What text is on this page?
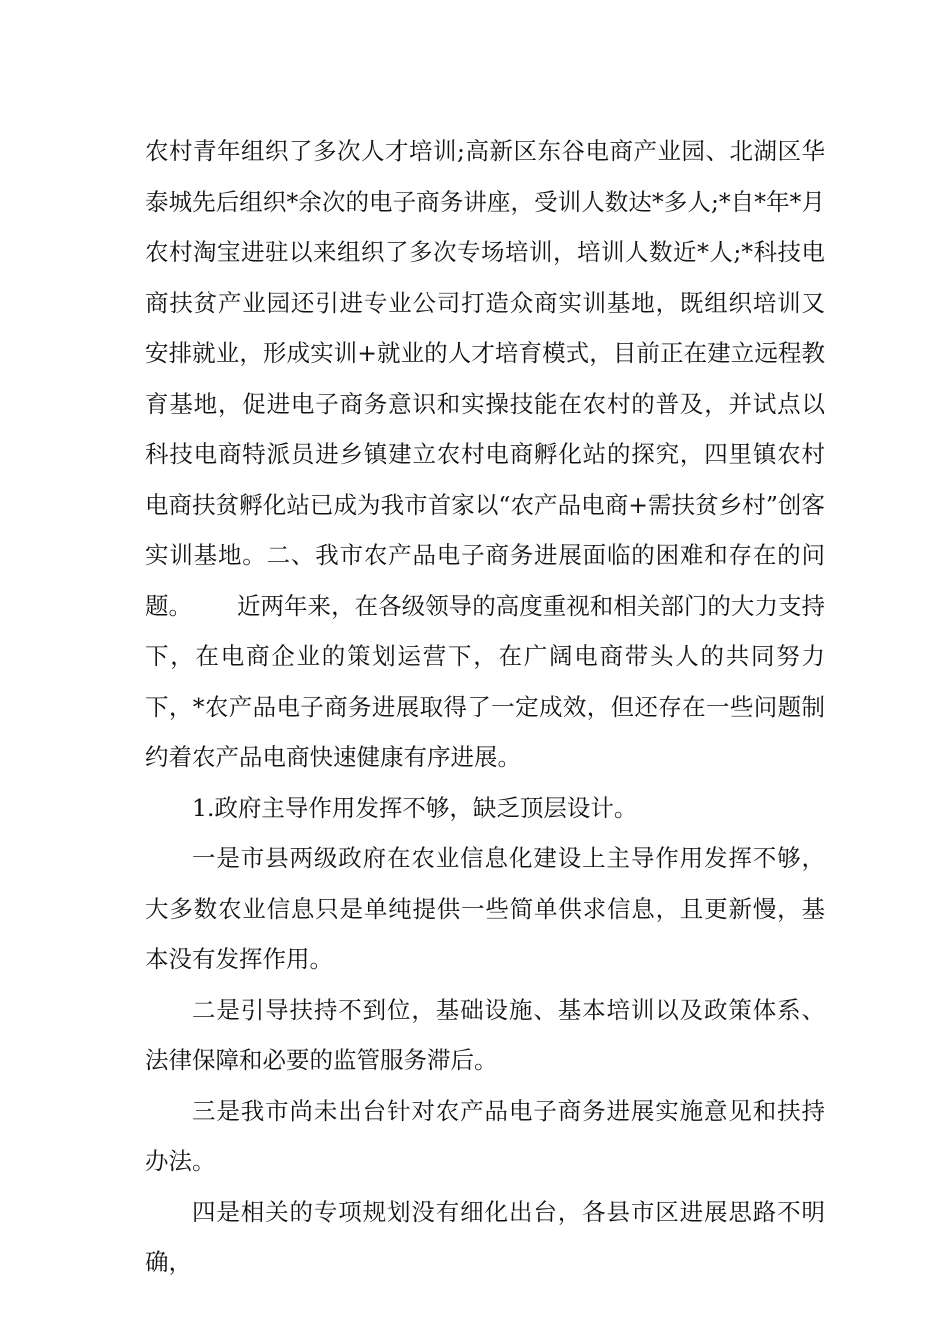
农村青年组织了多次人才培训;高新区东谷电商产业园、北湖区华泰城先后组织*余次的电子商务讲座，受训人数达*多人;*自*年*月农村淘宝进驻以来组织了多次专场培训，培训人数近*人;*科技电商扶贫产业园还引进专业公司打造众商实训基地，既组织培训又安排就业，形成实训+就业的人才培育模式，目前正在建立远程教育基地，促进电子商务意识和实操技能在农村的普及，并试点以科技电商特派员进乡镇建立农村电商孵化站的探究，四里镇农村电商扶贫孵化站已成为我市首家以“农产品电商+需扶贫乡村”创客实训基地。二、我市农产品电子商务进展面临的困难和存在的问题。      近两年来，在各级领导的高度重视和相关部门的大力支持下，在电商企业的策划运营下，在广阔电商带头人的共同努力下，*农产品电子商务进展取得了一定成效，但还存在一些问题制约着农产品电商快速健康有序进展。

1.政府主导作用发挥不够，缺乏顶层设计。

一是市县两级政府在农业信息化建设上主导作用发挥不够，大多数农业信息只是单纯提供一些简单供求信息，且更新慢，基本没有发挥作用。

二是引导扶持不到位，基础设施、基本培训以及政策体系、法律保障和必要的监管服务滞后。

三是我市尚未出台针对农产品电子商务进展实施意见和扶持办法。

四是相关的专项规划没有细化出台，各县市区进展思路不明确，
